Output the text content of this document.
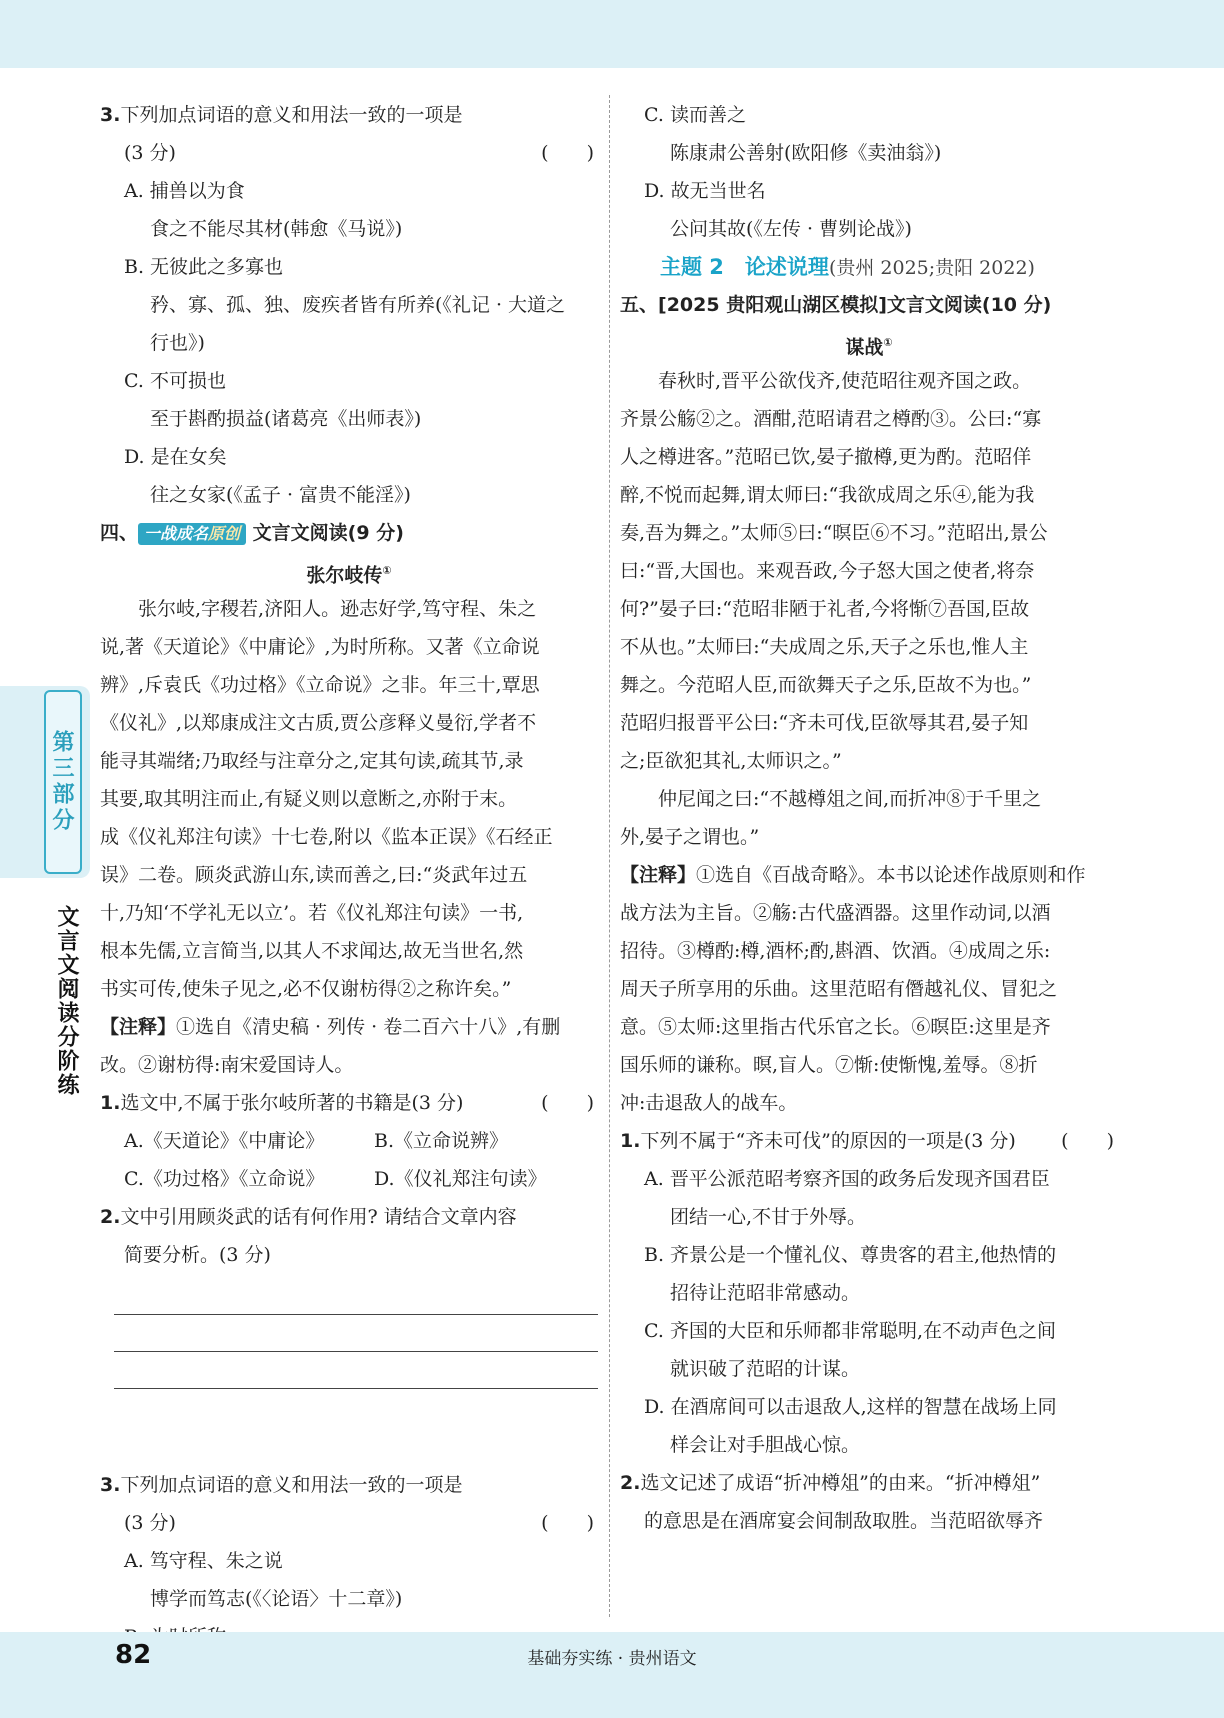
第三部分
文言文阅读分阶练
3.下列加点词语的意义和用法一致的一项是
(3 分)	(　　)
A. 捕兽以为食
食之不能尽其材(韩愈《马说》)
B. 无彼此之多寡也
矜、寡、孤、独、废疾者皆有所养(《礼记 · 大道之
行也》)
C. 不可损也
至于斟酌损益(诸葛亮《出师表》)
D. 是在女矣
往之女家(《孟子 · 富贵不能淫》)
四、 一战成名原创 文言文阅读(9 分)
张尔岐传①
张尔岐,字稷若,济阳人。逊志好学,笃守程、朱之
说,著《天道论》《中庸论》,为时所称。又著《立命说
辨》,斥袁氏《功过格》《立命说》之非。年三十,覃思
《仪礼》,以郑康成注文古质,贾公彦释义曼衍,学者不
能寻其端绪;乃取经与注章分之,定其句读,疏其节,录
其要,取其明注而止,有疑义则以意断之,亦附于末。
成《仪礼郑注句读》十七卷,附以《监本正误》《石经正
误》二卷。顾炎武游山东,读而善之,曰:“炎武年过五
十,乃知‘不学礼无以立’。若《仪礼郑注句读》一书,
根本先儒,立言简当,以其人不求闻达,故无当世名,然
书实可传,使朱子见之,必不仅谢枋得②之称许矣。”
【注释】①选自《清史稿 · 列传 · 卷二百六十八》,有删
改。②谢枋得:南宋爱国诗人。
1.选文中,不属于张尔岐所著的书籍是(3 分)	(　　)
A.《天道论》《中庸论》	B.《立命说辨》
C.《功过格》《立命说》	D.《仪礼郑注句读》
2.文中引用顾炎武的话有何作用? 请结合文章内容
简要分析。(3 分)
3.下列加点词语的意义和用法一致的一项是
(3 分)	(　　)
A. 笃守程、朱之说
博学而笃志(《〈论语〉十二章》)
C. 读而善之
陈康肃公善射(欧阳修《卖油翁》)
D. 故无当世名
公问其故(《左传 · 曹刿论战》)
主题 2　论述说理(贵州 2025;贵阳 2022)
五、[2025 贵阳观山湖区模拟]文言文阅读(10 分)
谋战①
春秋时,晋平公欲伐齐,使范昭往观齐国之政。
齐景公觞②之。酒酣,范昭请君之樽酌③。公曰:“寡
人之樽进客。”范昭已饮,晏子撤樽,更为酌。范昭佯
醉,不悦而起舞,谓太师曰:“我欲成周之乐④,能为我
奏,吾为舞之。”太师⑤曰:“暝臣⑥不习。”范昭出,景公
曰:“晋,大国也。来观吾政,今子怒大国之使者,将奈
何?”晏子曰:“范昭非陋于礼者,今将惭⑦吾国,臣故
不从也。”太师曰:“夫成周之乐,天子之乐也,惟人主
舞之。今范昭人臣,而欲舞天子之乐,臣故不为也。”
范昭归报晋平公曰:“齐未可伐,臣欲辱其君,晏子知
之;臣欲犯其礼,太师识之。”
仲尼闻之曰:“不越樽俎之间,而折冲⑧于千里之
外,晏子之谓也。”
【注释】①选自《百战奇略》。本书以论述作战原则和作
战方法为主旨。②觞:古代盛酒器。这里作动词,以酒
招待。③樽酌:樽,酒杯;酌,斟酒、饮酒。④成周之乐:
周天子所享用的乐曲。这里范昭有僭越礼仪、冒犯之
意。⑤太师:这里指古代乐官之长。⑥暝臣:这里是齐
国乐师的谦称。暝,盲人。⑦惭:使惭愧,羞辱。⑧折
冲:击退敌人的战车。
1.下列不属于“齐未可伐”的原因的一项是(3 分) (　　)
A. 晋平公派范昭考察齐国的政务后发现齐国君臣
团结一心,不甘于外辱。
B. 齐景公是一个懂礼仪、尊贵客的君主,他热情的
招待让范昭非常感动。
C. 齐国的大臣和乐师都非常聪明,在不动声色之间
就识破了范昭的计谋。
D. 在酒席间可以击退敌人,这样的智慧在战场上同
样会让对手胆战心惊。
2.选文记述了成语“折冲樽俎”的由来。“折冲樽俎”
的意思是在酒席宴会间制敌取胜。当范昭欲辱齐
82	基础夯实练 · 贵州语文
